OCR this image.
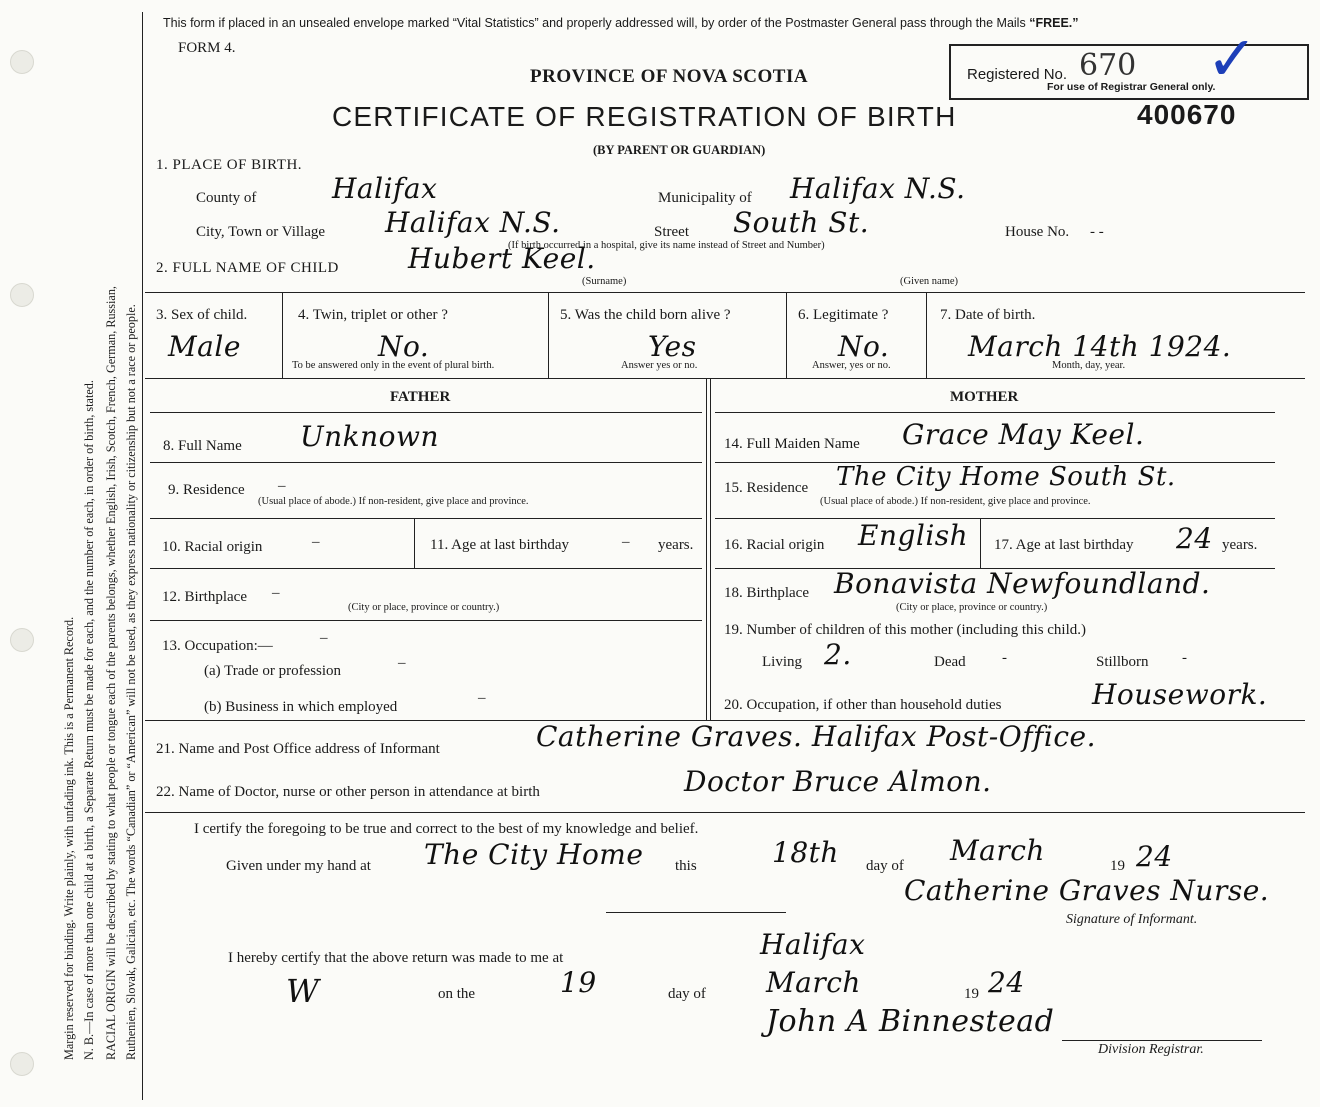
Margin reserved for binding. Write plainly, with unfading ink. This is a Permanent Record. N. B.—In case of more than one child at a birth, a Separate Return must be made for each, and the number of each, in order of birth, stated. RACIAL ORIGIN will be described by stating to what people or tongue each of the parents belongs, whether English, Irish, Scotch, French, German, Russian, Ruthenien, Slovak, Galician, etc. The words “Canadian” or “American” will not be used, as they express nationality or citizenship but not a race or people.
This form if placed in an unsealed envelope marked “Vital Statistics” and properly addressed will, by order of the Postmaster General pass through the Mails “FREE.”
FORM 4.
PROVINCE OF NOVA SCOTIA
CERTIFICATE OF REGISTRATION OF BIRTH
(BY PARENT OR GUARDIAN)
Registered No. 670
For use of Registrar General only.
✓
400670
1. PLACE OF BIRTH.
County of	Halifax	Municipality of Halifax N.S.
City, Town or Village Halifax N.S.	Street South St.	House No. - -
(If birth occurred in a hospital, give its name instead of Street and Number)
2. FULL NAME OF CHILD Hubert Keel.
(Surname)	(Given name)
3. Sex of child.
Male
4. Twin, triplet or other ?
No.
To be answered only in the event of plural birth.
5. Was the child born alive ?
Yes
Answer yes or no.
6. Legitimate ?
No.
Answer, yes or no.
7. Date of birth.
March 14th 1924.
Month, day, year.
FATHER	MOTHER
8. Full Name Unknown
9. Residence –
(Usual place of abode.) If non-resident, give place and province.
10. Racial origin	–	11. Age at last birthday	– years.
12. Birthplace –
(City or place, province or country.)
13. Occupation:—	–
(a) Trade or profession	–
(b) Business in which employed
–
14. Full Maiden Name Grace May Keel.
15. Residence The City Home South St.
(Usual place of abode.) If non-resident, give place and province.
16. Racial origin English 17. Age at last birthday 24 years.
18. Birthplace Bonavista Newfoundland.
(City or place, province or country.)
19. Number of children of this mother (including this child.)
Living 2.	Dead -	Stillborn -
20. Occupation, if other than household duties	Housework.
21. Name and Post Office address of Informant	Catherine Graves. Halifax Post-Office.
22. Name of Doctor, nurse or other person in attendance at birth	Doctor Bruce Almon.
I certify the foregoing to be true and correct to the best of my knowledge and belief.
Given under my hand at The City Home this	18th day of March	19 24
Catherine Graves Nurse.
Signature of Informant.
I hereby certify that the above return was made to me at	Halifax
W	on the	19	day of March	19 24
John A Binnestead
Division Registrar.
